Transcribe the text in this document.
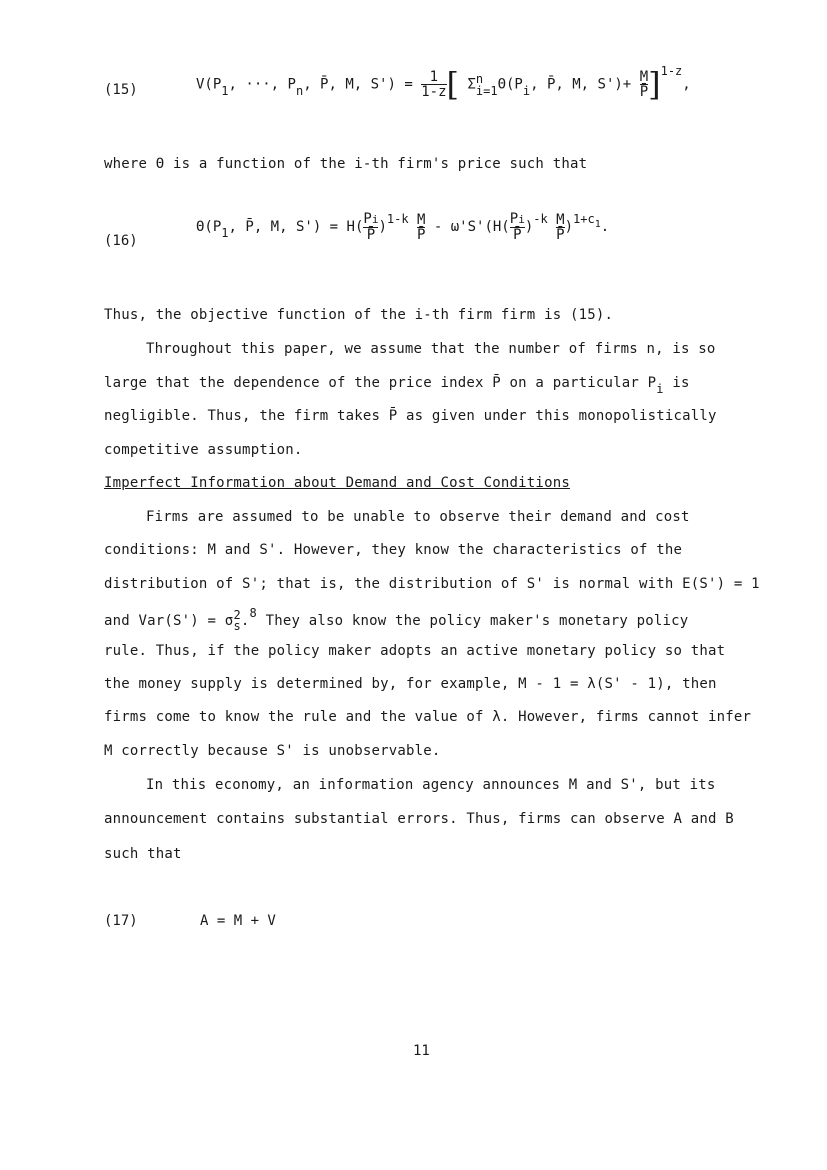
(15)	V(P1, ···, Pn, P̄, M, $S') = \frac{1}{1-z}$ [ Σ n
i=1 Θ(Pi, P̄, M, $S')+ \frac{M}{P̄} ]1-z$,
where Θ is a function of the i-th firm's price such that
(16)
Θ(P1, P̄, M, $S') = H( \frac{Pi}{P̄} )1-k \frac{M}{P̄} - \omega'S'(H( \frac{Pi}{P̄} )-k \frac{M}{P̄} )1+c^1$.
Thus, the objective function of the i-th firm firm is (15).
Throughout this paper, we assume that the number of firms n, is so
large that the dependence of the price index P̄ on a particular Pi is
negligible. Thus, the firm takes P̄ as given under this monopolistically
competitive assumption.
Imperfect Information about Demand and Cost Conditions
Firms are assumed to be unable to observe their demand and cost
conditions: M and S'. However, they know the characteristics of the
distribution of S'; that is, the distribution of S' is normal with E(S') = 1
and Var(S') = σ 2
s .8 They also know the policy maker's monetary policy
rule. Thus, if the policy maker adopts an active monetary policy so that
the money supply is determined by, for example, M - 1 = λ(S' - 1), then
firms come to know the rule and the value of λ. However, firms cannot infer
M correctly because S' is unobservable.
In this economy, an information agency announces M and S', but its
announcement contains substantial errors. Thus, firms can observe A and B
such that
(17)	A = M + V
11
